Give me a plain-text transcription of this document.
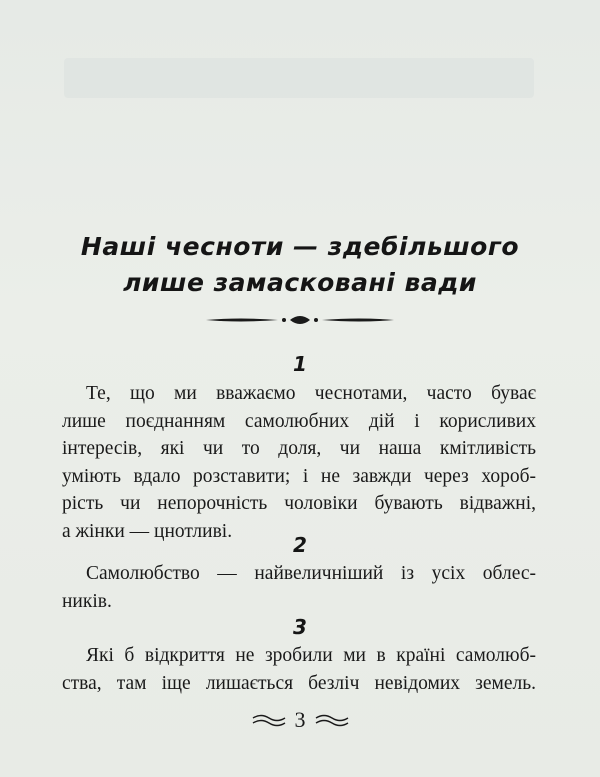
Наші чесноти — здебільшого
лише замасковані вади
1
Те, що ми вважаємо чеснотами, часто буває
лише поєднанням самолюбних дій і корисливих
інтересів, які чи то доля, чи наша кмітливість
уміють вдало розставити; і не завжди через хороб-
рість чи непорочність чоловіки бувають відважні,
а жінки — цнотливі.
2
Самолюбство — найвеличніший із усіх облес-
ників.
3
Які б відкриття не зробили ми в країні самолюб-
ства, там іще лишається безліч невідомих земель.
3
